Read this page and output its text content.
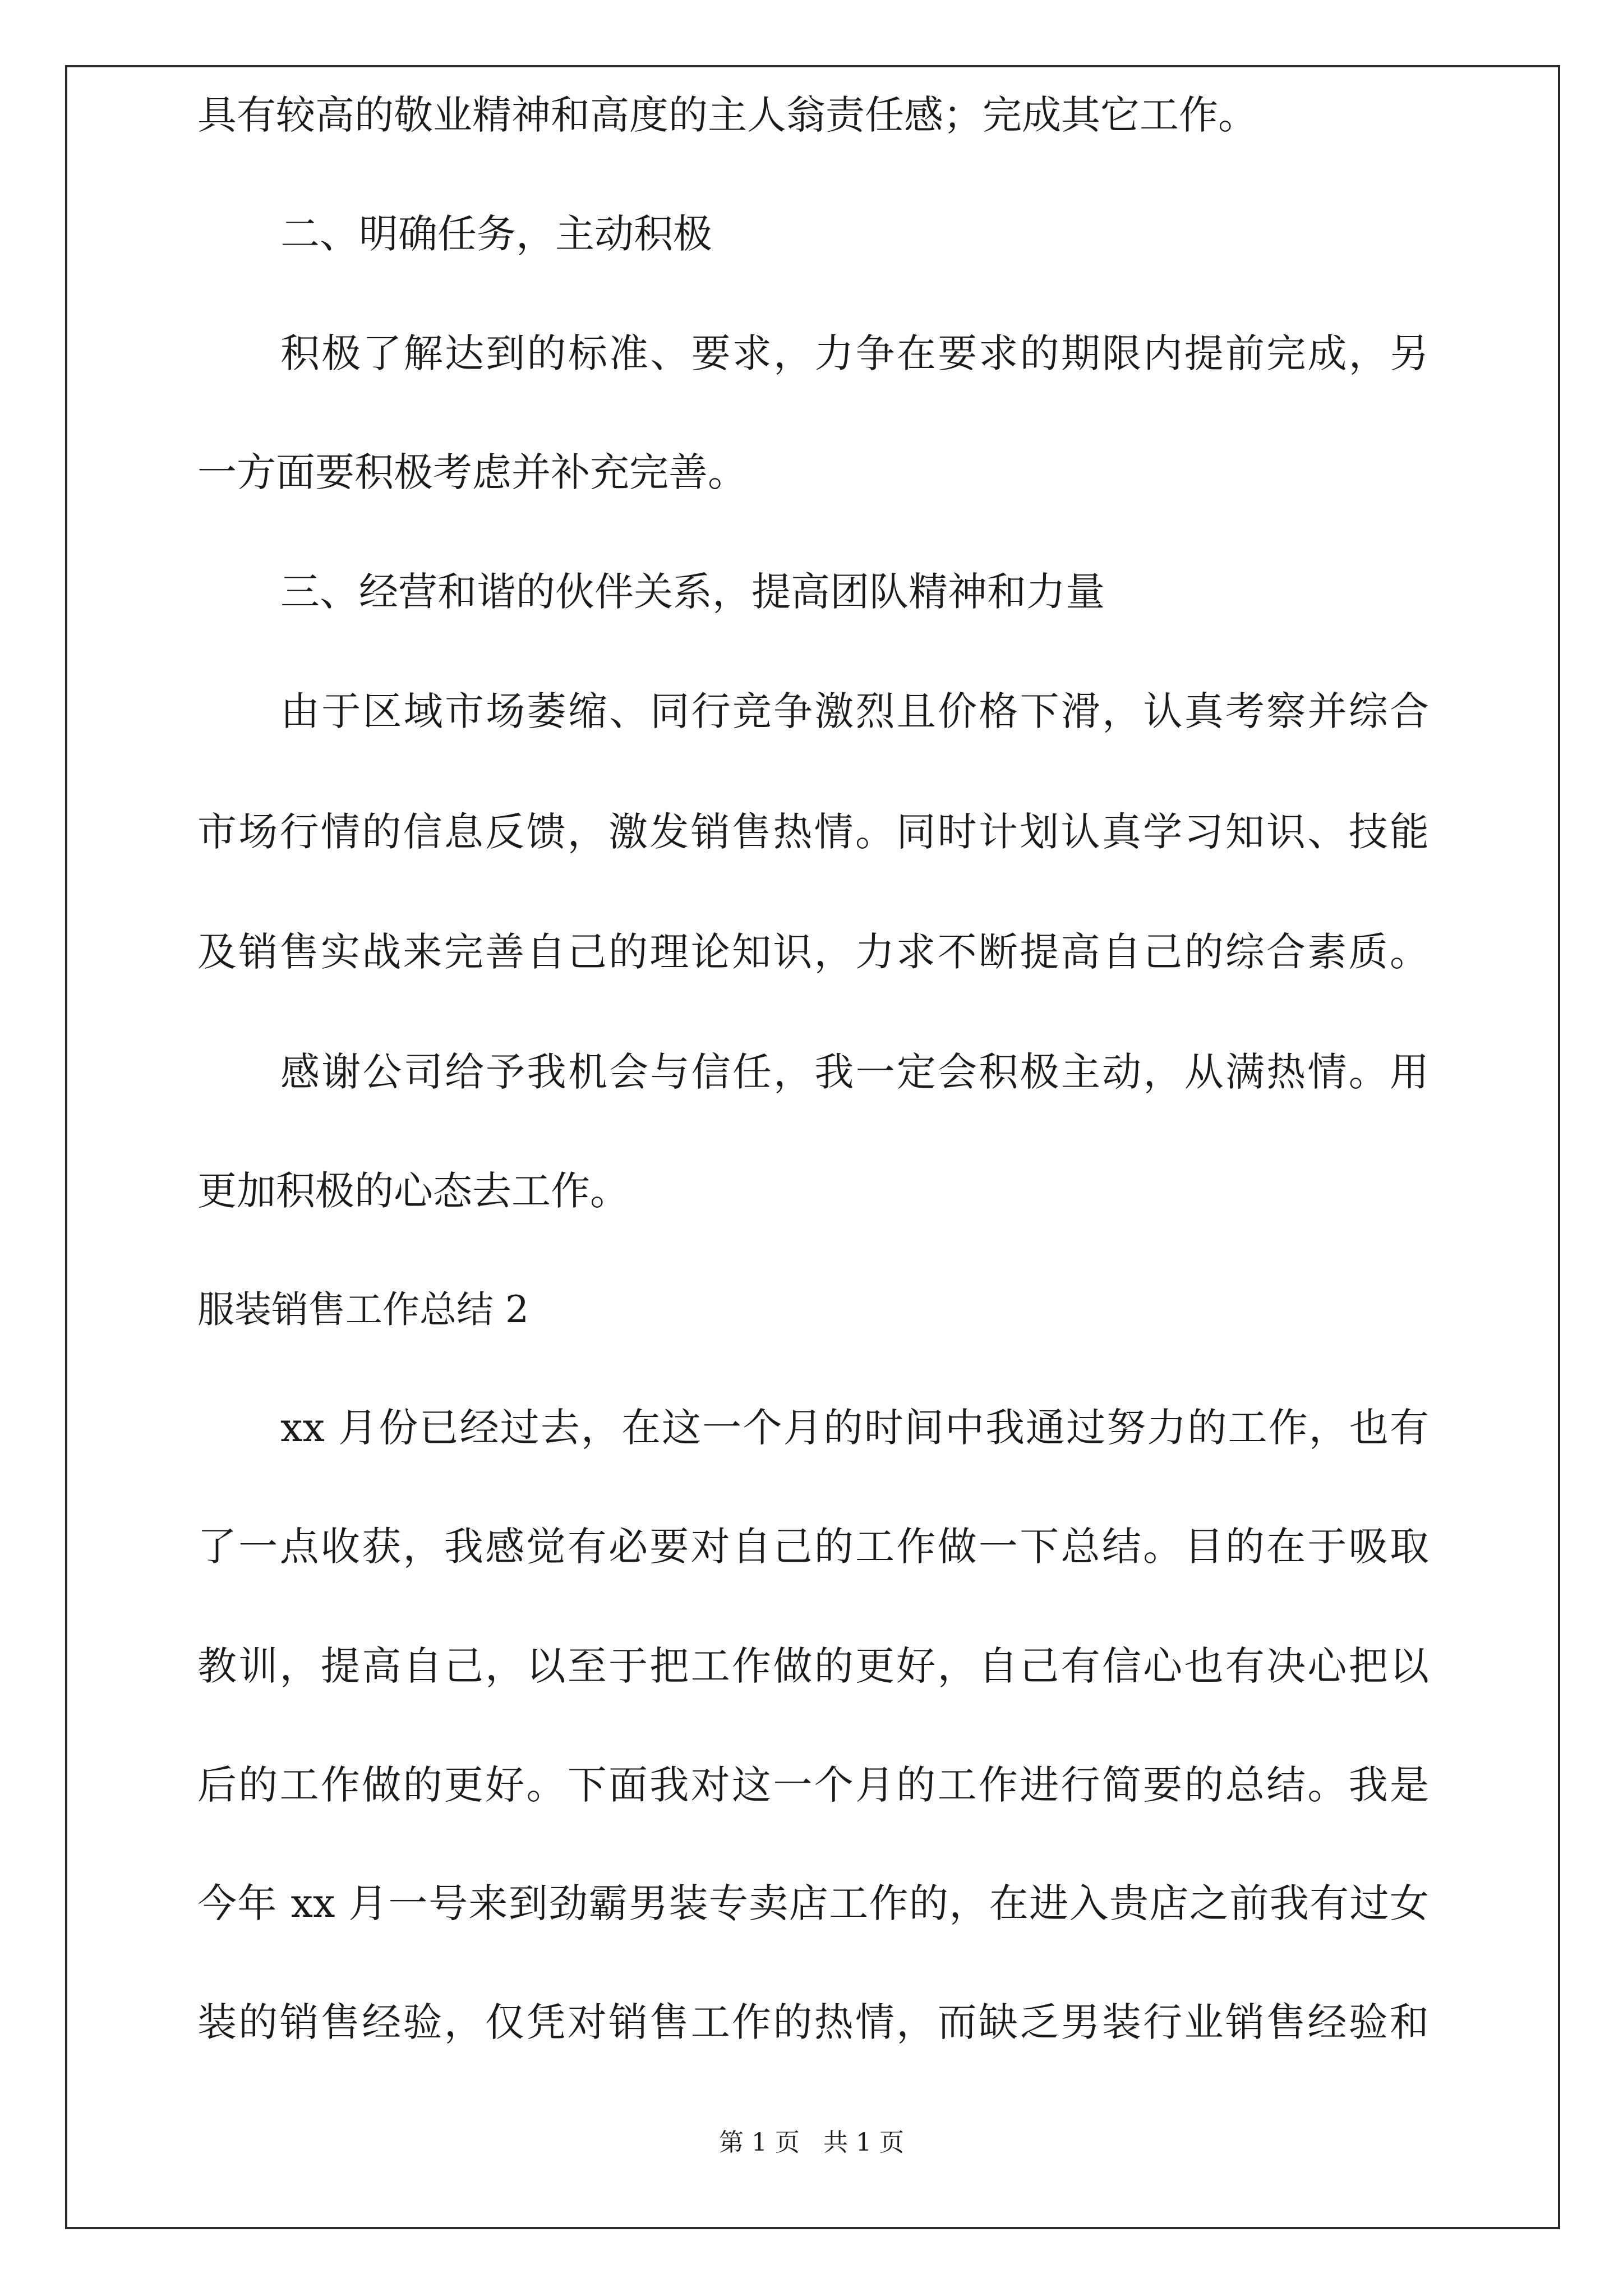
具有较高的敬业精神和高度的主人翁责任感；完成其它工作。
二、明确任务，主动积极
积极了解达到的标准、要求，力争在要求的期限内提前完成，另
一方面要积极考虑并补充完善。
三、经营和谐的伙伴关系，提高团队精神和力量
由于区域市场萎缩、同行竞争激烈且价格下滑，认真考察并综合
市场行情的信息反馈，激发销售热情。同时计划认真学习知识、技能
及销售实战来完善自己的理论知识，力求不断提高自己的综合素质。
感谢公司给予我机会与信任，我一定会积极主动，从满热情。用
更加积极的心态去工作。
服装销售工作总结 2
xx 月份已经过去，在这一个月的时间中我通过努力的工作，也有
了一点收获，我感觉有必要对自己的工作做一下总结。目的在于吸取
教训，提高自己，以至于把工作做的更好，自己有信心也有决心把以
后的工作做的更好。下面我对这一个月的工作进行简要的总结。我是
今年 xx 月一号来到劲霸男装专卖店工作的，在进入贵店之前我有过女
装的销售经验，仅凭对销售工作的热情，而缺乏男装行业销售经验和
第 1 页   共 1 页
